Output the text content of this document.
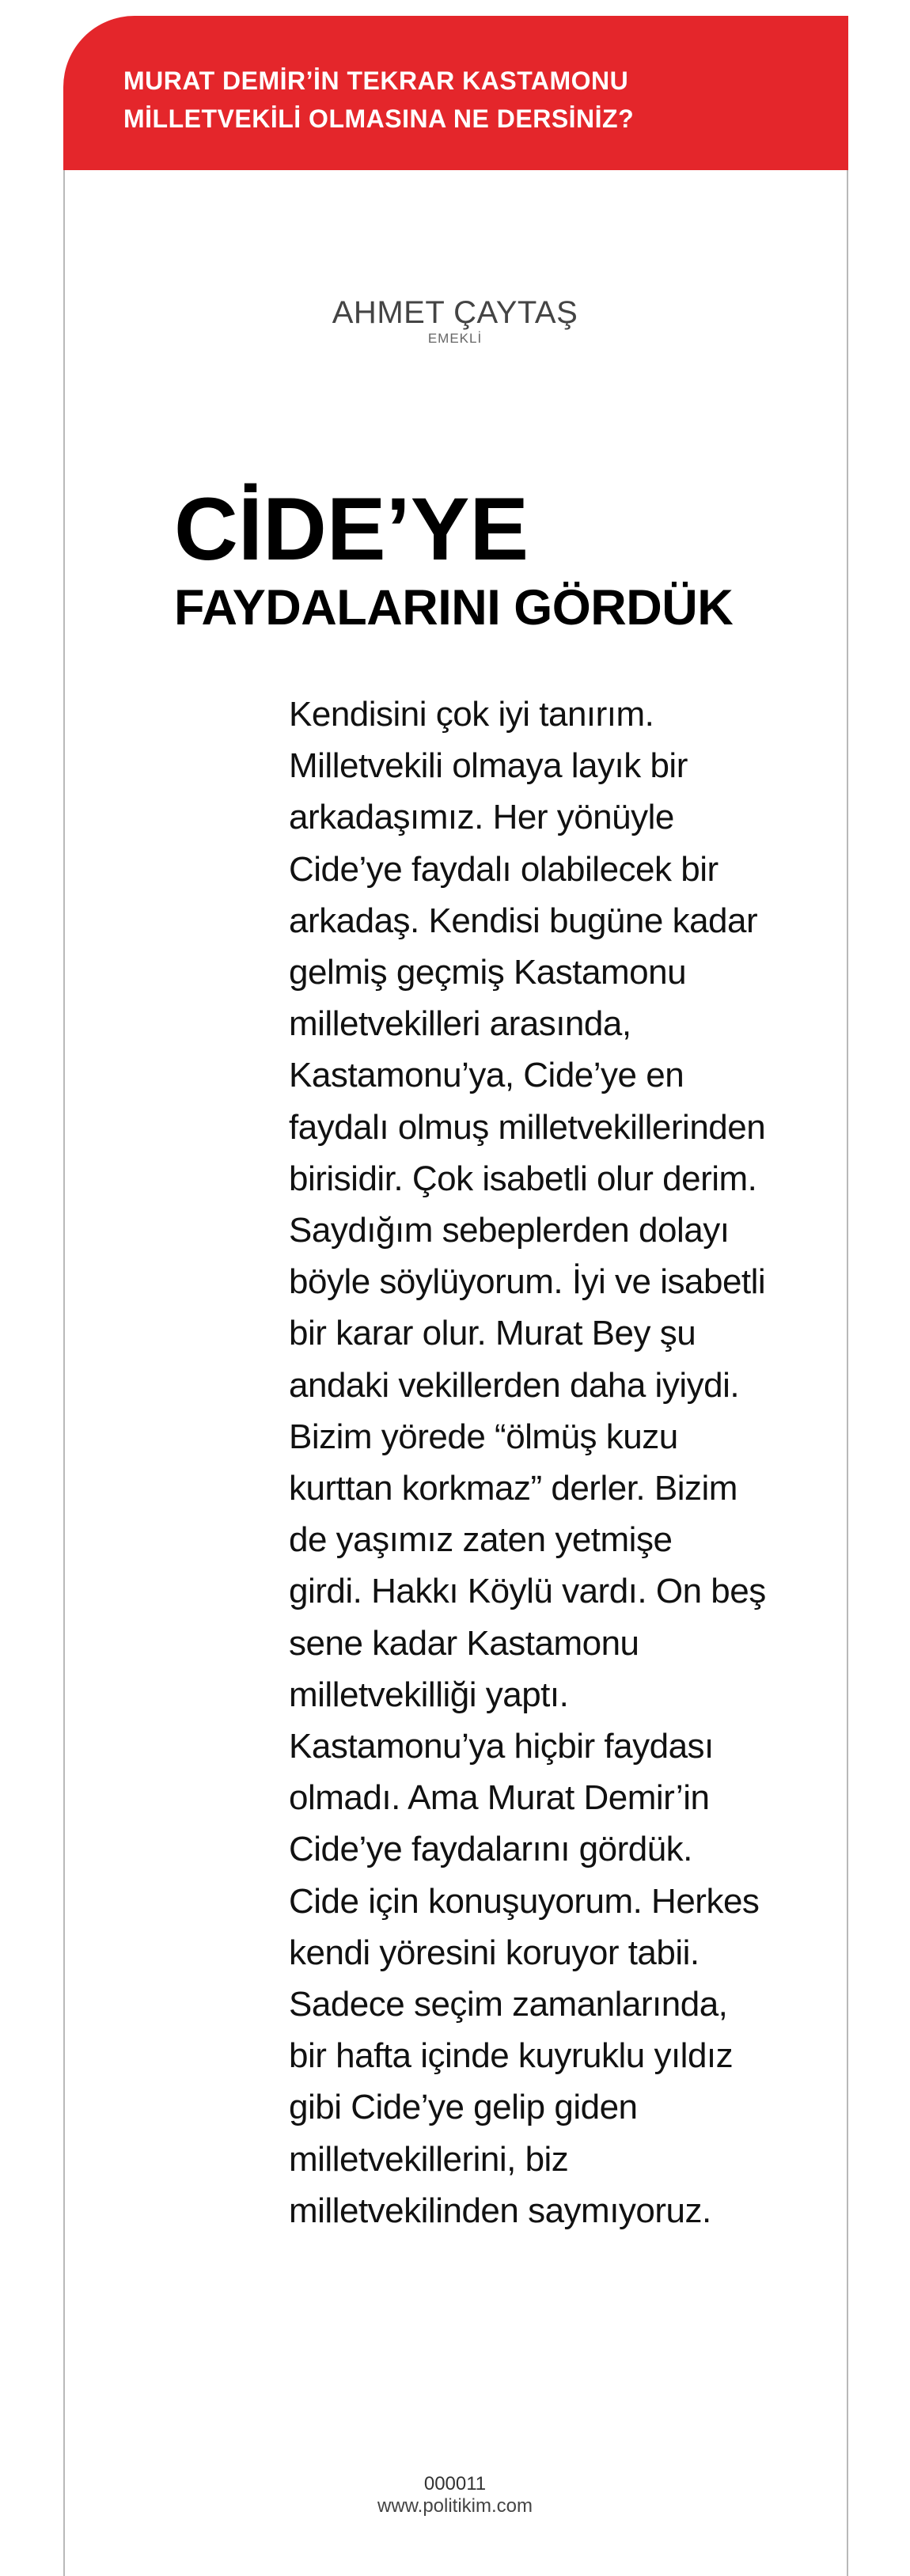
MURAT DEMİR’İN TEKRAR KASTAMONU
MİLLETVEKİLİ OLMASINA NE DERSİNİZ?
AHMET ÇAYTAŞ
EMEKLİ
CİDE’YE
FAYDALARINI GÖRDÜK
Kendisini çok iyi tanırım.
Milletvekili olmaya layık bir
arkadaşımız. Her yönüyle
Cide’ye faydalı olabilecek bir
arkadaş. Kendisi bugüne kadar
gelmiş geçmiş Kastamonu
milletvekilleri arasında,
Kastamonu’ya, Cide’ye en
faydalı olmuş milletvekillerinden
birisidir. Çok isabetli olur derim.
Saydığım sebeplerden dolayı
böyle söylüyorum. İyi ve isabetli
bir karar olur. Murat Bey şu
andaki vekillerden daha iyiydi.
Bizim yörede “ölmüş kuzu
kurttan korkmaz” derler. Bizim
de yaşımız zaten yetmişe
girdi. Hakkı Köylü vardı. On beş
sene kadar Kastamonu
milletvekilliği yaptı.
Kastamonu’ya hiçbir faydası
olmadı. Ama Murat Demir’in
Cide’ye faydalarını gördük.
Cide için konuşuyorum. Herkes
kendi yöresini koruyor tabii.
Sadece seçim zamanlarında,
bir hafta içinde kuyruklu yıldız
gibi Cide’ye gelip giden
milletvekillerini, biz
milletvekilinden saymıyoruz.
000011
www.politikim.com
